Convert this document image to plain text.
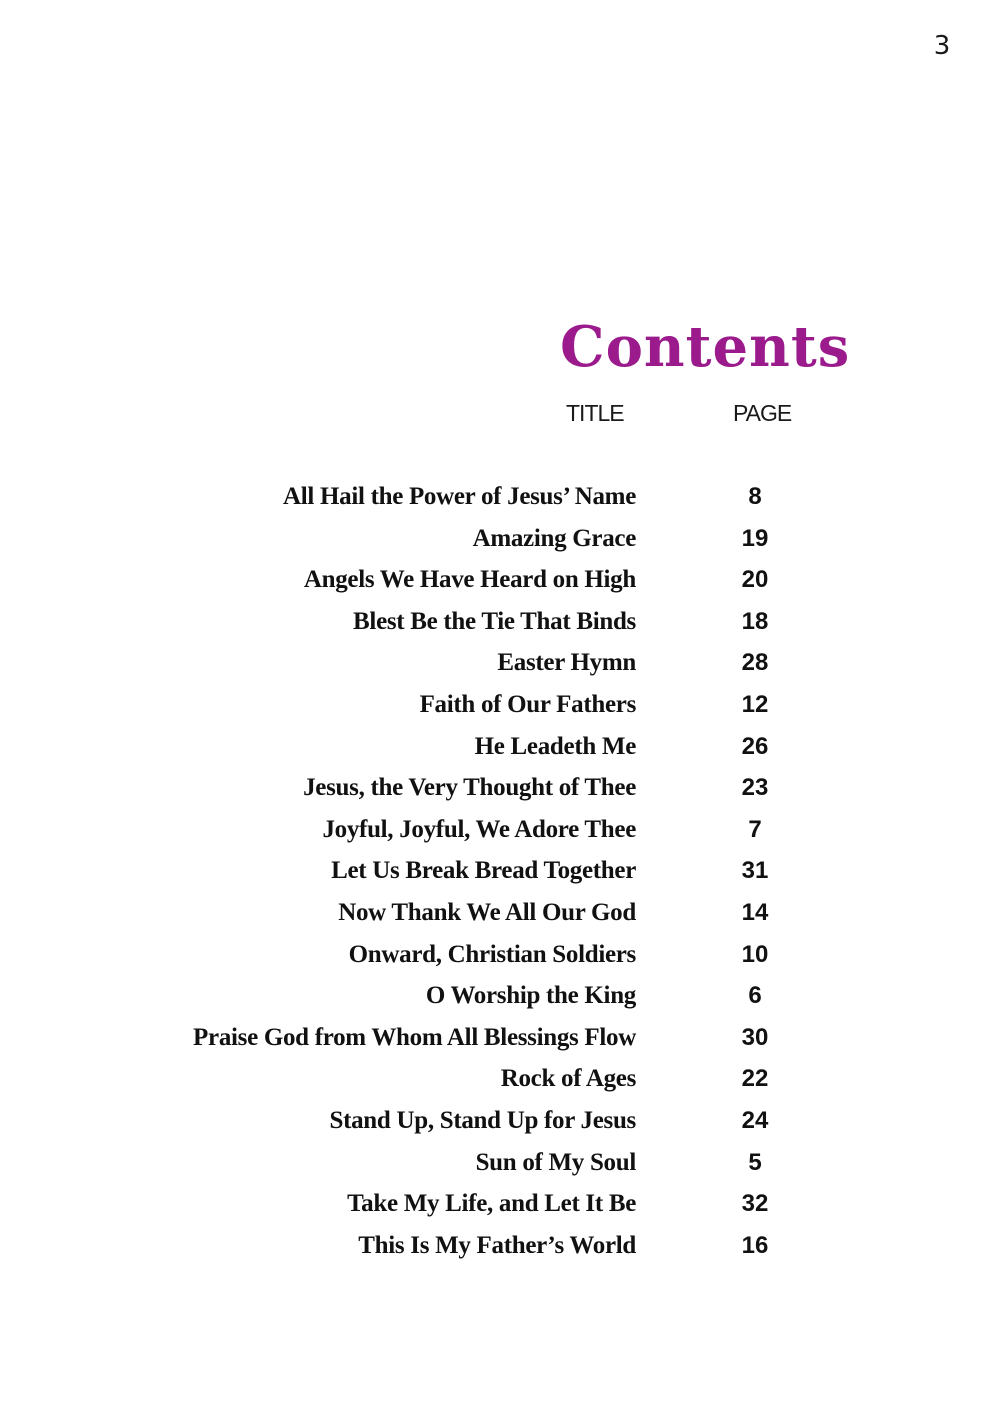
3
Contents
TITLE	PAGE
All Hail the Power of Jesus’ Name	8
Amazing Grace	19
Angels We Have Heard on High	20
Blest Be the Tie That Binds	18
Easter Hymn	28
Faith of Our Fathers	12
He Leadeth Me	26
Jesus, the Very Thought of Thee	23
Joyful, Joyful, We Adore Thee	7
Let Us Break Bread Together	31
Now Thank We All Our God	14
Onward, Christian Soldiers	10
O Worship the King	6
Praise God from Whom All Blessings Flow	30
Rock of Ages	22
Stand Up, Stand Up for Jesus	24
Sun of My Soul	5
Take My Life, and Let It Be	32
This Is My Father’s World	16
